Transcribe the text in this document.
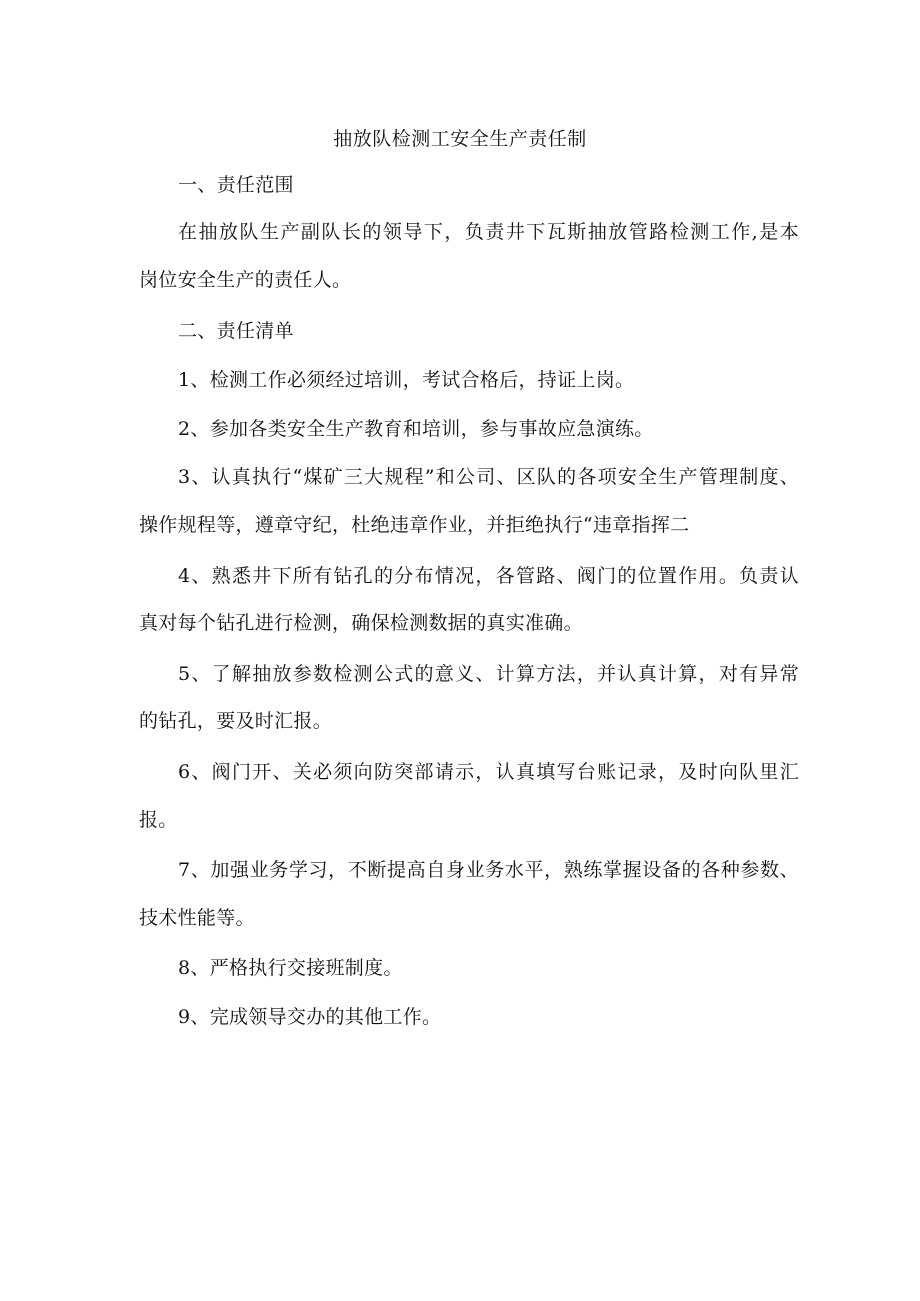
抽放队检测工安全生产责任制
一、责任范围
在抽放队生产副队长的领导下，负责井下瓦斯抽放管路检测工作,是本
岗位安全生产的责任人。
二、责任清单
1、检测工作必须经过培训，考试合格后，持证上岗。
2、参加各类安全生产教育和培训，参与事故应急演练。
3、认真执行“煤矿三大规程”和公司、区队的各项安全生产管理制度、
操作规程等，遵章守纪，杜绝违章作业，并拒绝执行“违章指挥二
4、熟悉井下所有钻孔的分布情况，各管路、阀门的位置作用。负责认
真对每个钻孔进行检测，确保检测数据的真实准确。
5、了解抽放参数检测公式的意义、计算方法，并认真计算，对有异常
的钻孔，要及时汇报。
6、阀门开、关必须向防突部请示，认真填写台账记录，及时向队里汇
报。
7、加强业务学习，不断提高自身业务水平，熟练掌握设备的各种参数、
技术性能等。
8、严格执行交接班制度。
9、完成领导交办的其他工作。
